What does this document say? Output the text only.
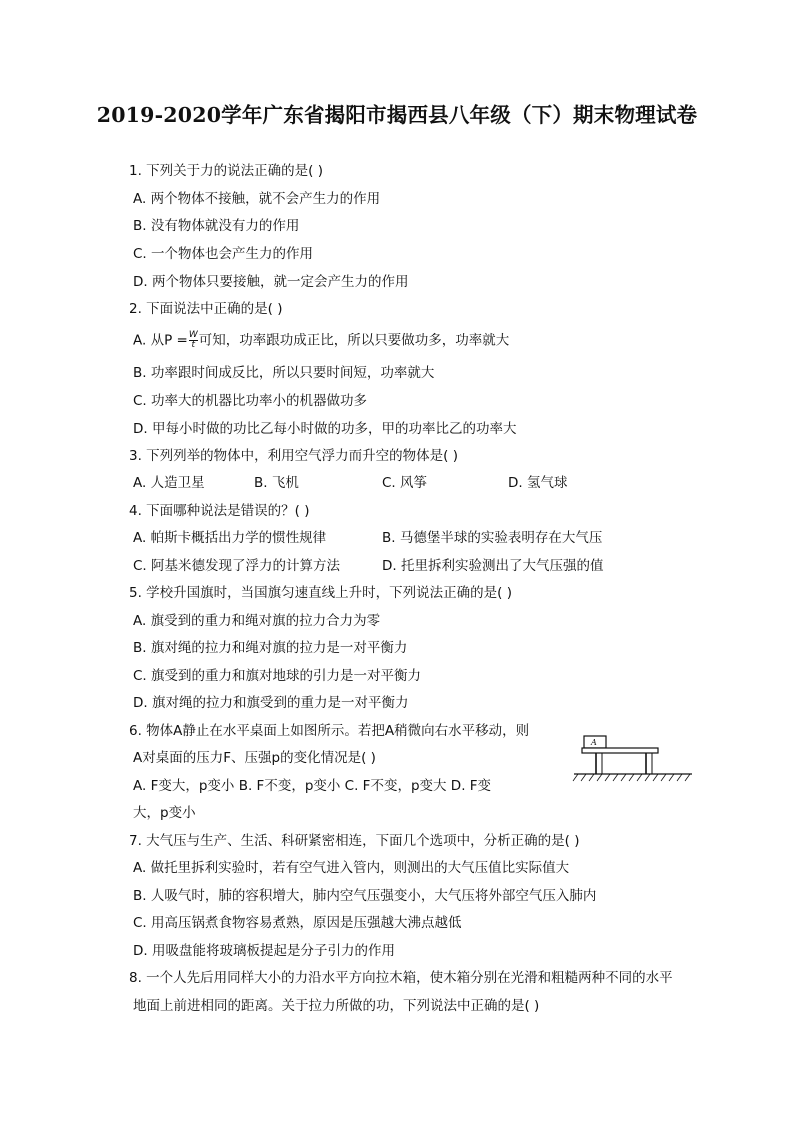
2019-2020学年广东省揭阳市揭西县八年级（下）期末物理试卷
1. 下列关于力的说法正确的是( )
A. 两个物体不接触，就不会产生力的作用
B. 没有物体就没有力的作用
C. 一个物体也会产生力的作用
D. 两个物体只要接触，就一定会产生力的作用
2. 下面说法中正确的是( )
A. 从$P = \frac{W}{t}$ 可知，功率跟功成正比，所以只要做功多，功率就大
B. 功率跟时间成反比，所以只要时间短，功率就大
C. 功率大的机器比功率小的机器做功多
D. 甲每小时做的功比乙每小时做的功多，甲的功率比乙的功率大
3. 下列列举的物体中，利用空气浮力而升空的物体是( )
A. 人造卫星	B. 飞机	C. 风筝	D. 氢气球
4. 下面哪种说法是错误的？( )
A. 帕斯卡概括出力学的惯性规律	B. 马德堡半球的实验表明存在大气压
C. 阿基米德发现了浮力的计算方法	D. 托里拆利实验测出了大气压强的值
5. 学校升国旗时，当国旗匀速直线上升时，下列说法正确的是( )
A. 旗受到的重力和绳对旗的拉力合力为零
B. 旗对绳的拉力和绳对旗的拉力是一对平衡力
C. 旗受到的重力和旗对地球的引力是一对平衡力
D. 旗对绳的拉力和旗受到的重力是一对平衡力
6. 物体A静止在水平桌面上如图所示。若把A稍微向右水平移动，则
A对桌面的压力F、压强p的变化情况是( )
A. F变大，p变小 B. F不变，p变小 C. F不变，p变大 D. F变
大，p变小
A
7. 大气压与生产、生活、科研紧密相连，下面几个选项中，分析正确的是( )
A. 做托里拆利实验时，若有空气进入管内，则测出的大气压值比实际值大
B. 人吸气时，肺的容积增大，肺内空气压强变小，大气压将外部空气压入肺内
C. 用高压锅煮食物容易煮熟，原因是压强越大沸点越低
D. 用吸盘能将玻璃板提起是分子引力的作用
8. 一个人先后用同样大小的力沿水平方向拉木箱，使木箱分别在光滑和粗糙两种不同的水平
地面上前进相同的距离。关于拉力所做的功，下列说法中正确的是( )
